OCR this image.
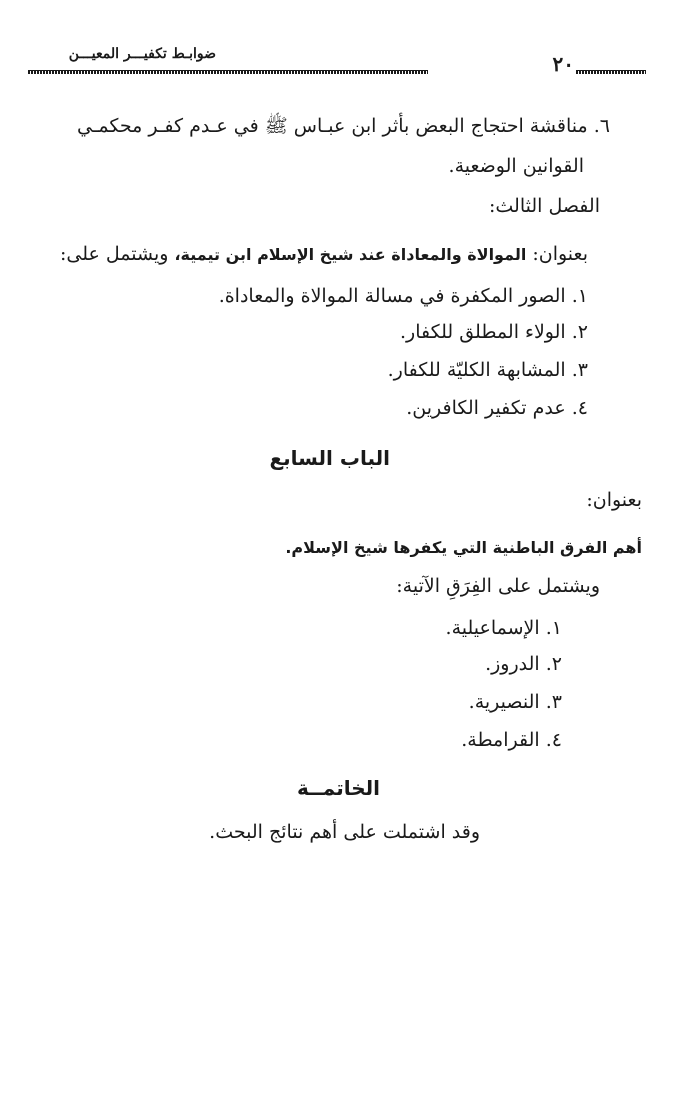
ضوابـط تكفيـــر المعيـــن	٢٠
٦. مناقشة احتجاج البعض بأثر ابن عبـاس ﷺ في عـدم كفـر محكمـي
القوانين الوضعية.
الفصل الثالث:
بعنوان: الموالاة والمعاداة عند شيخ الإسلام ابن تيمية، ويشتمل على:
١. الصور المكفرة في مسالة الموالاة والمعاداة.
٢. الولاء المطلق للكفار.
٣. المشابهة الكليّة للكفار.
٤. عدم تكفير الكافرين.
الباب السابع
بعنوان:
أهم الفرق الباطنية التي يكفرها شيخ الإسلام.
ويشتمل على الفِرَقِ الآتية:
١. الإسماعيلية.
٢. الدروز.
٣. النصيرية.
٤. القرامطة.
الخاتمــة
وقد اشتملت على أهم نتائج البحث.
